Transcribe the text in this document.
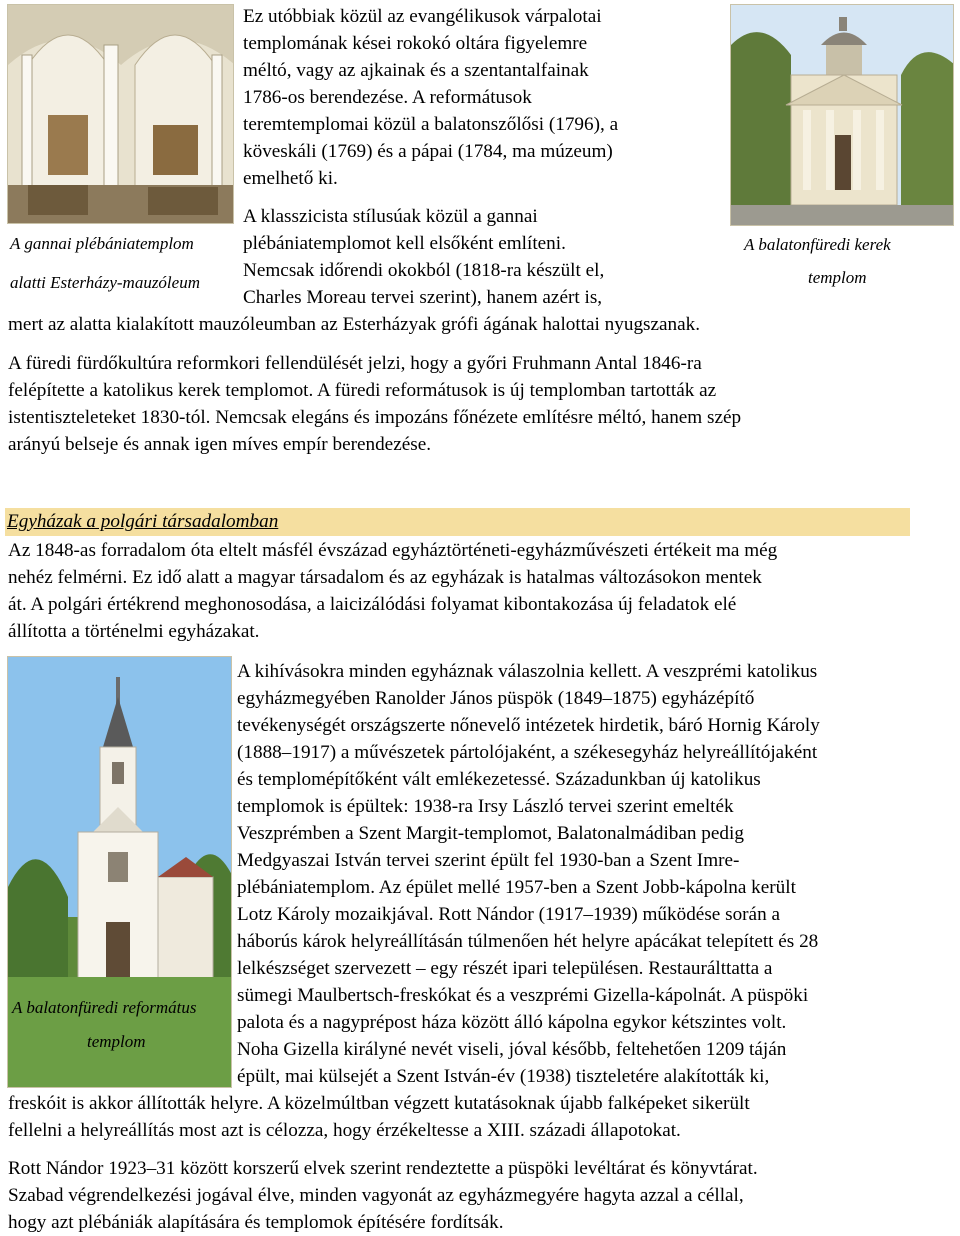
A gannai plébániatemplom
alatti Esterházy-mauzóleum
A balatonfüredi kerek
templom
A balatonfüredi református
templom
Ez utóbbiak közül az evangélikusok várpalotai
templomának kései rokokó oltára figyelemre
méltó, vagy az ajkainak és a szentantalfainak
1786-os berendezése. A reformátusok
teremtemplomai közül a balatonszőlősi (1796), a
köveskáli (1769) és a pápai (1784, ma múzeum)
emelhető ki.
A klasszicista stílusúak közül a gannai
plébániatemplomot kell elsőként említeni.
Nemcsak időrendi okokból (1818-ra készült el,
Charles Moreau tervei szerint), hanem azért is,
mert az alatta kialakított mauzóleumban az Esterházyak grófi ágának halottai nyugszanak.
A füredi fürdőkultúra reformkori fellendülését jelzi, hogy a győri Fruhmann Antal 1846-ra
felépítette a katolikus kerek templomot. A füredi reformátusok is új templomban tartották az
istentiszteleteket 1830-tól. Nemcsak elegáns és impozáns főnézete említésre méltó, hanem szép
arányú belseje és annak igen míves empír berendezése.
Egyházak a polgári társadalomban
Az 1848-as forradalom óta eltelt másfél évszázad egyháztörténeti-egyházművészeti értékeit ma még
nehéz felmérni. Ez idő alatt a magyar társadalom és az egyházak is hatalmas változásokon mentek
át. A polgári értékrend meghonosodása, a laicizálódási folyamat kibontakozása új feladatok elé
állította a történelmi egyházakat.
A kihívásokra minden egyháznak válaszolnia kellett. A veszprémi katolikus
egyházmegyében Ranolder János püspök (1849–1875) egyházépítő
tevékenységét országszerte nőnevelő intézetek hirdetik, báró Hornig Károly
(1888–1917) a művészetek pártolójaként, a székesegyház helyreállítójaként
és templomépítőként vált emlékezetessé. Századunkban új katolikus
templomok is épültek: 1938-ra Irsy László tervei szerint emelték
Veszprémben a Szent Margit-templomot, Balatonalmádiban pedig
Medgyaszai István tervei szerint épült fel 1930-ban a Szent Imre-
plébániatemplom. Az épület mellé 1957-ben a Szent Jobb-kápolna került
Lotz Károly mozaikjával. Rott Nándor (1917–1939) működése során a
háborús károk helyreállításán túlmenően hét helyre apácákat telepített és 28
lelkészséget szervezett – egy részét ipari településen. Restaurálttatta a
sümegi Maulbertsch-freskókat és a veszprémi Gizella-kápolnát. A püspöki
palota és a nagyprépost háza között álló kápolna egykor kétszintes volt.
Noha Gizella királyné nevét viseli, jóval később, feltehetően 1209 táján
épült, mai külsejét a Szent István-év (1938) tiszteletére alakították ki,
freskóit is akkor állították helyre. A közelmúltban végzett kutatásoknak újabb falképeket sikerült
fellelni a helyreállítás most azt is célozza, hogy érzékeltesse a XIII. századi állapotokat.
Rott Nándor 1923–31 között korszerű elvek szerint rendeztette a püspöki levéltárat és könyvtárat.
Szabad végrendelkezési jogával élve, minden vagyonát az egyházmegyére hagyta azzal a céllal,
hogy azt plébániák alapítására és templomok építésére fordítsák.
